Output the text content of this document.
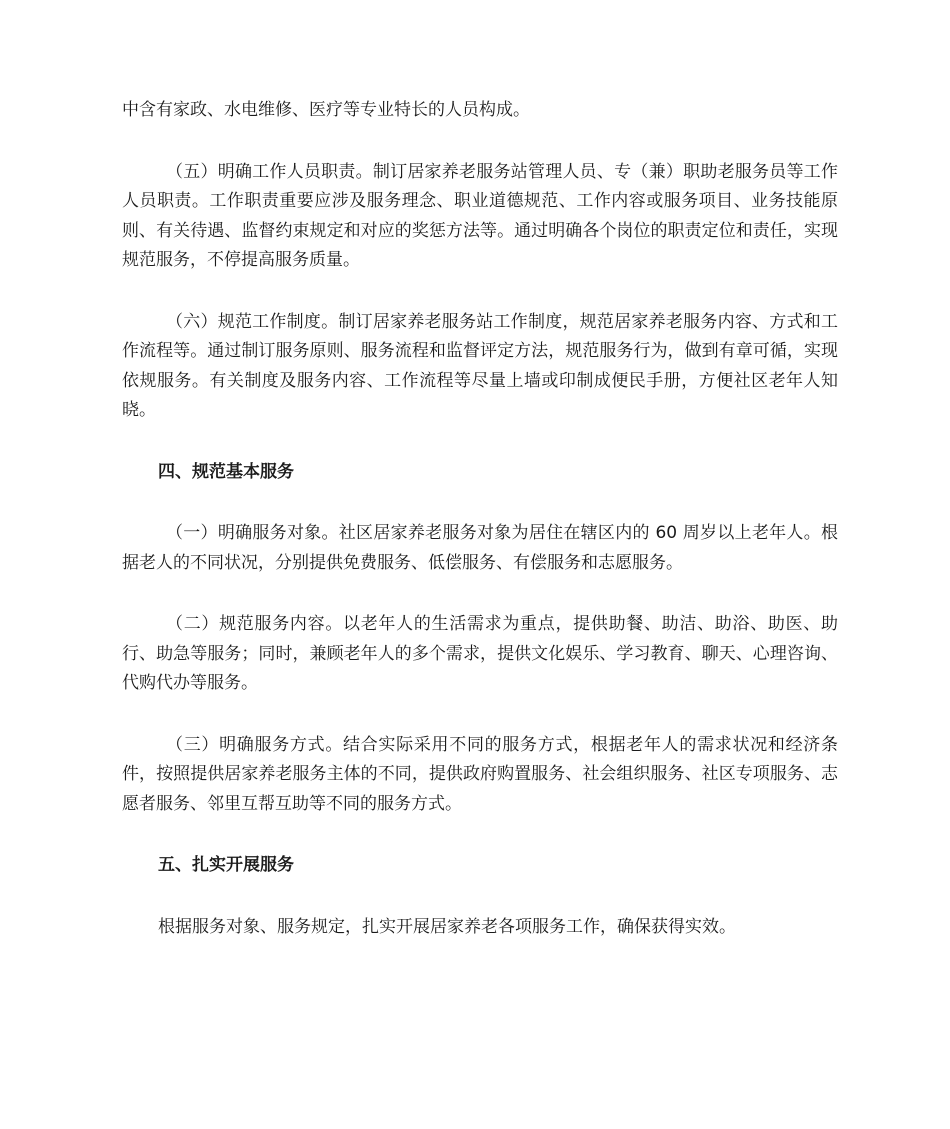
中含有家政、水电维修、医疗等专业特长的人员构成。

（五）明确工作人员职责。制订居家养老服务站管理人员、专（兼）职助老服务员等工作人员职责。工作职责重要应涉及服务理念、职业道德规范、工作内容或服务项目、业务技能原则、有关待遇、监督约束规定和对应的奖惩方法等。通过明确各个岗位的职责定位和责任，实现规范服务，不停提高服务质量。

（六）规范工作制度。制订居家养老服务站工作制度，规范居家养老服务内容、方式和工作流程等。通过制订服务原则、服务流程和监督评定方法，规范服务行为，做到有章可循，实现依规服务。有关制度及服务内容、工作流程等尽量上墙或印制成便民手册，方便社区老年人知晓。

四、规范基本服务

（一）明确服务对象。社区居家养老服务对象为居住在辖区内的 60 周岁以上老年人。根据老人的不同状况，分别提供免费服务、低偿服务、有偿服务和志愿服务。

（二）规范服务内容。以老年人的生活需求为重点，提供助餐、助洁、助浴、助医、助行、助急等服务；同时，兼顾老年人的多个需求，提供文化娱乐、学习教育、聊天、心理咨询、代购代办等服务。

（三）明确服务方式。结合实际采用不同的服务方式，根据老年人的需求状况和经济条件，按照提供居家养老服务主体的不同，提供政府购置服务、社会组织服务、社区专项服务、志愿者服务、邻里互帮互助等不同的服务方式。

五、扎实开展服务

根据服务对象、服务规定，扎实开展居家养老各项服务工作，确保获得实效。
